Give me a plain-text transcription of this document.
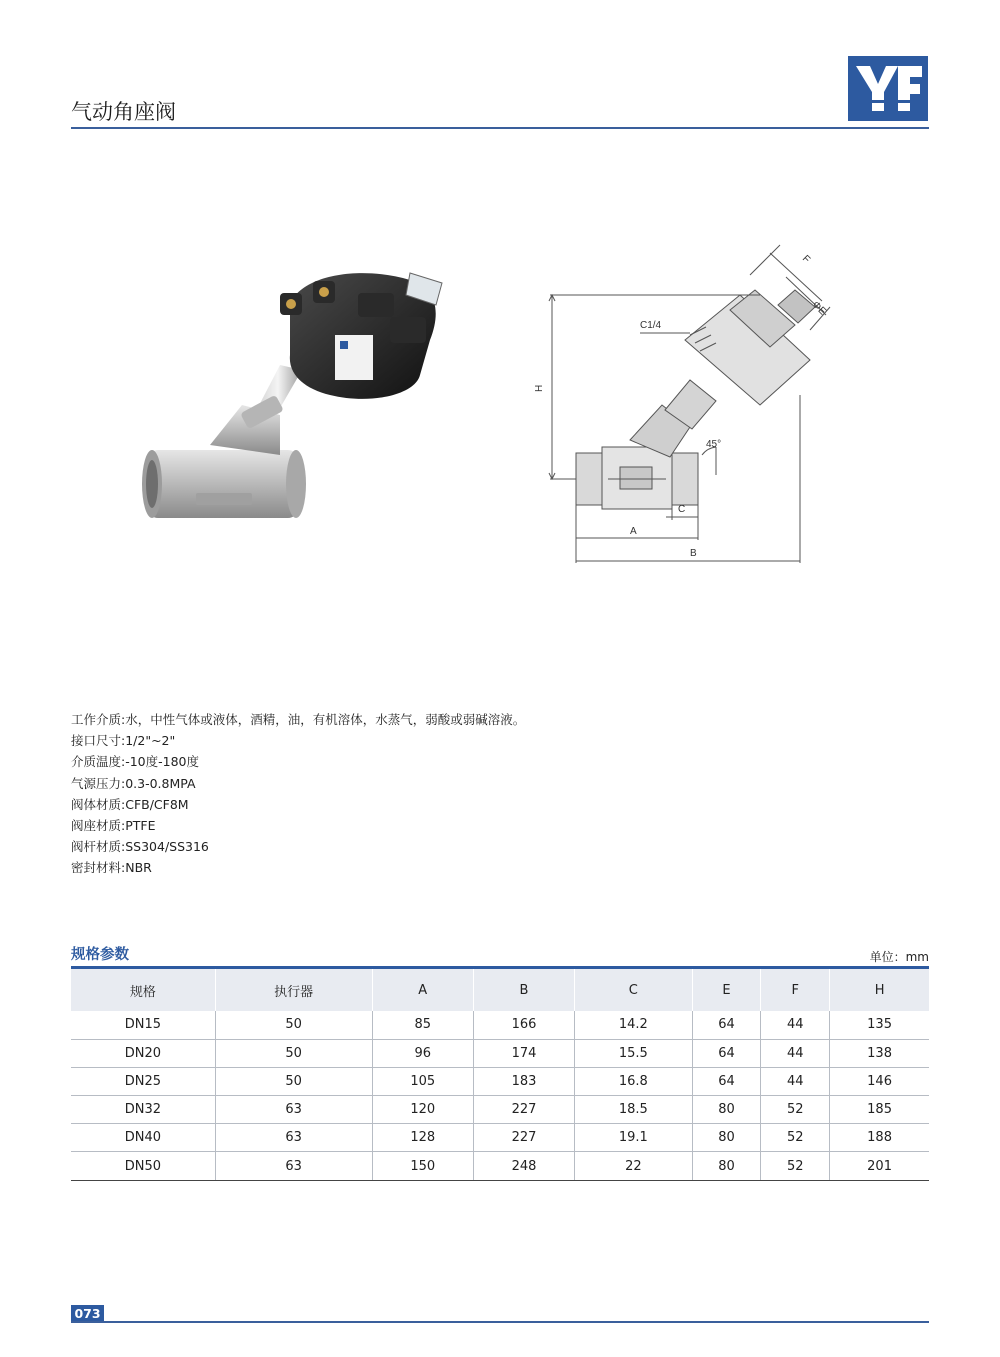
气动角座阀
F
ΦE
C1/4
H
45°
A
C
B
工作介质:水，中性气体或液体，酒精，油，有机溶体，水蒸气，弱酸或弱碱溶液。
接口尺寸:1/2"~2"
介质温度:-10度-180度
气源压力:0.3-0.8MPA
阀体材质:CFB/CF8M
阀座材质:PTFE
阀杆材质:SS304/SS316
密封材料:NBR
规格参数	单位：mm
规格	执行器	A	B	C	E	F	H
DN15	50	85	166	14.2	64	44	135
DN20	50	96	174	15.5	64	44	138
DN25	50	105	183	16.8	64	44	146
DN32	63	120	227	18.5	80	52	185
DN40	63	128	227	19.1	80	52	188
DN50	63	150	248	22	80	52	201
073
